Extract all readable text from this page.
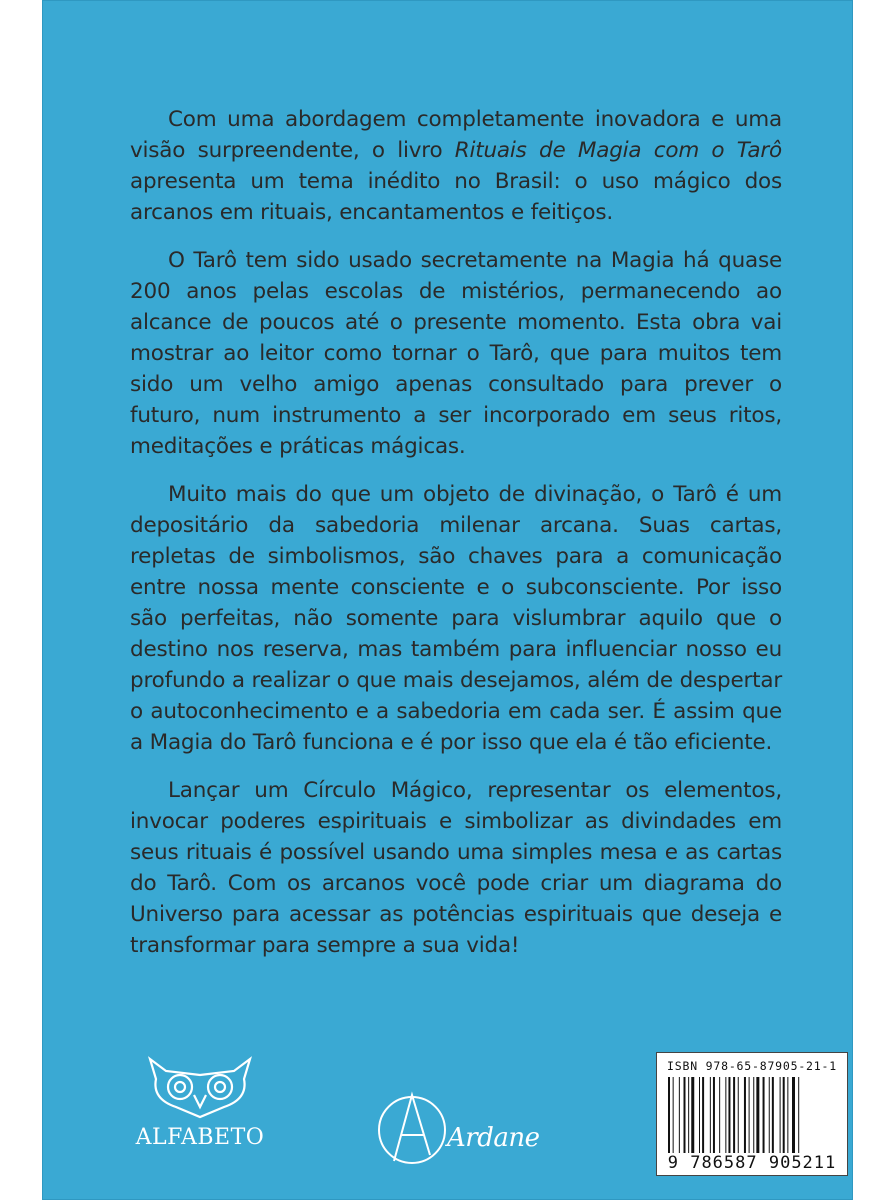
Com uma abordagem completamente inovadora e uma visão surpreendente, o livro Rituais de Magia com o Tarô apresenta um tema inédito no Brasil: o uso mágico dos arcanos em rituais, encantamentos e feitiços.

O Tarô tem sido usado secretamente na Magia há quase 200 anos pelas escolas de mistérios, permanecendo ao alcance de poucos até o presente momento. Esta obra vai mostrar ao leitor como tornar o Tarô, que para muitos tem sido um velho amigo apenas consultado para prever o futuro, num instrumento a ser incorporado em seus ritos, meditações e práticas mágicas.

Muito mais do que um objeto de divinação, o Tarô é um depositário da sabedoria milenar arcana. Suas cartas, repletas de simbolismos, são chaves para a comunicação entre nossa mente consciente e o subconsciente. Por isso são perfeitas, não somente para vislumbrar aquilo que o destino nos reserva, mas também para influenciar nosso eu profundo a realizar o que mais desejamos, além de despertar o autoconhecimento e a sabedoria em cada ser. É assim que a Magia do Tarô funciona e é por isso que ela é tão eficiente.

Lançar um Círculo Mágico, representar os elementos, invocar poderes espirituais e simbolizar as divindades em seus rituais é possível usando uma simples mesa e as cartas do Tarô. Com os arcanos você pode criar um diagrama do Universo para acessar as potências espirituais que deseja e transformar para sempre a sua vida!

ALFABETO	Ardane
ISBN 978-65-87905-21-1
9 786587 905211
